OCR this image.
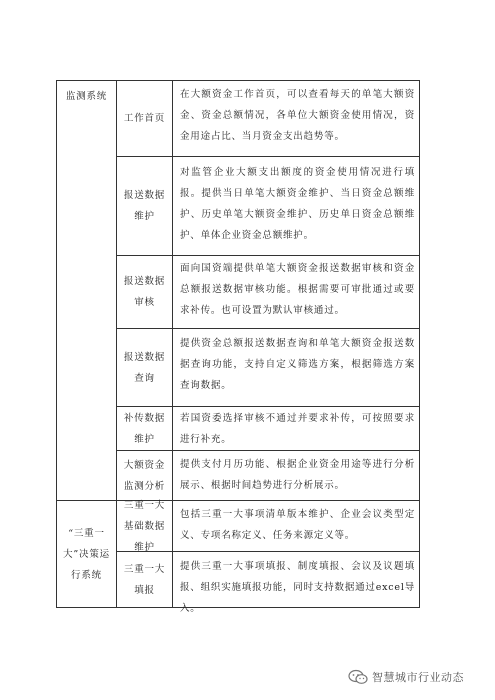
监测系统
工作首页
在大额资金工作首页，可以查看每天的单笔大额资金、资金总额情况，各单位大额资金使用情况，资金用途占比、当月资金支出趋势等。
报送数据维护
对监管企业大额支出额度的资金使用情况进行填报。提供当日单笔大额资金维护、当日资金总额维护、历史单笔大额资金维护、历史单日资金总额维护、单体企业资金总额维护。
报送数据审核
面向国资端提供单笔大额资金报送数据审核和资金总额报送数据审核功能。根据需要可审批通过或要求补传。也可设置为默认审核通过。
报送数据查询
提供资金总额报送数据查询和单笔大额资金报送数据查询功能，支持自定义筛选方案，根据筛选方案查询数据。
补传数据维护
若国资委选择审核不通过并要求补传，可按照要求进行补充。
大额资金监测分析
提供支付月历功能、根据企业资金用途等进行分析展示、根据时间趋势进行分析展示。
“三重一大”决策运行系统
三重一大基础数据维护
包括三重一大事项清单版本维护、企业会议类型定义、专项名称定义、任务来源定义等。
三重一大填报
提供三重一大事项填报、制度填报、会议及议题填报、组织实施填报功能，同时支持数据通过excel导入。
智慧城市行业动态
